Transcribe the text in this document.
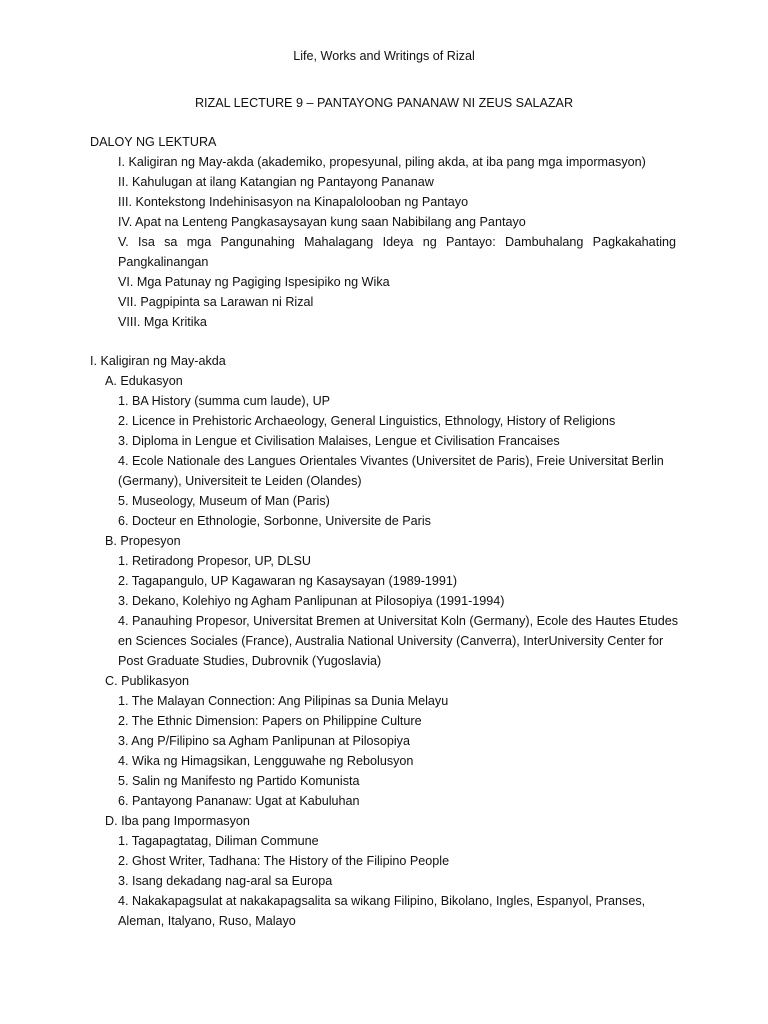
Life, Works and Writings of Rizal
RIZAL LECTURE 9 – PANTAYONG PANANAW NI ZEUS SALAZAR
DALOY NG LEKTURA
I. Kaligiran ng May-akda (akademiko, propesyunal, piling akda, at iba pang mga impormasyon)
II. Kahulugan at ilang Katangian ng Pantayong Pananaw
III. Kontekstong Indehinisasyon na Kinapalolooban ng Pantayo
IV. Apat na Lenteng Pangkasaysayan kung saan Nabibilang ang Pantayo
V. Isa sa mga Pangunahing Mahalagang Ideya ng Pantayo: Dambuhalang Pagkakahating
Pangkalinangan
VI. Mga Patunay ng Pagiging Ispesipiko ng Wika
VII. Pagpipinta sa Larawan ni Rizal
VIII. Mga Kritika
I. Kaligiran ng May-akda
A. Edukasyon
1. BA History (summa cum laude), UP
2. Licence in Prehistoric Archaeology, General Linguistics, Ethnology, History of Religions
3. Diploma in Lengue et Civilisation Malaises, Lengue et Civilisation Francaises
4. Ecole Nationale des Langues Orientales Vivantes (Universitet de Paris), Freie Universitat Berlin
(Germany), Universiteit te Leiden (Olandes)
5. Museology, Museum of Man (Paris)
6. Docteur en Ethnologie, Sorbonne, Universite de Paris
B. Propesyon
1. Retiradong Propesor, UP, DLSU
2. Tagapangulo, UP Kagawaran ng Kasaysayan (1989-1991)
3. Dekano, Kolehiyo ng Agham Panlipunan at Pilosopiya (1991-1994)
4. Panauhing Propesor, Universitat Bremen at Universitat Koln (Germany), Ecole des Hautes Etudes
en Sciences Sociales (France), Australia National University (Canverra), InterUniversity Center for
Post Graduate Studies, Dubrovnik (Yugoslavia)
C. Publikasyon
1. The Malayan Connection: Ang Pilipinas sa Dunia Melayu
2. The Ethnic Dimension: Papers on Philippine Culture
3. Ang P/Filipino sa Agham Panlipunan at Pilosopiya
4. Wika ng Himagsikan, Lengguwahe ng Rebolusyon
5. Salin ng Manifesto ng Partido Komunista
6. Pantayong Pananaw: Ugat at Kabuluhan
D. Iba pang Impormasyon
1. Tagapagtatag, Diliman Commune
2. Ghost Writer, Tadhana: The History of the Filipino People
3. Isang dekadang nag-aral sa Europa
4. Nakakapagsulat at nakakapagsalita sa wikang Filipino, Bikolano, Ingles, Espanyol, Pranses,
Aleman, Italyano, Ruso, Malayo
